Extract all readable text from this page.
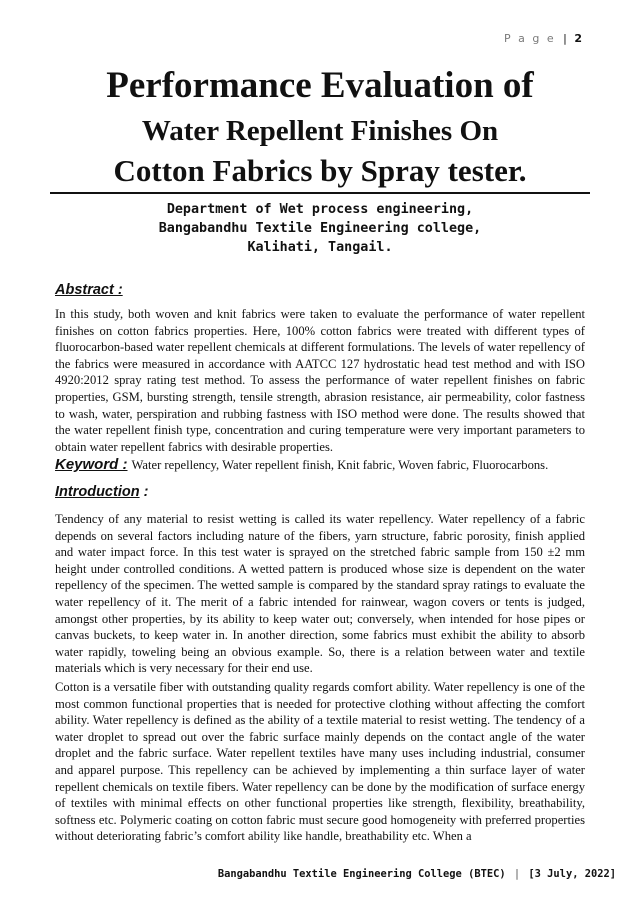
P a g e | 2
Performance Evaluation of
Water Repellent Finishes On
Cotton Fabrics by Spray tester.
Department of Wet process engineering,
Bangabandhu Textile Engineering college,
Kalihati, Tangail.
Abstract :

In this study, both woven and knit fabrics were taken to evaluate the performance of water repellent finishes on cotton fabrics properties. Here, 100% cotton fabrics were treated with different types of fluorocarbon-based water repellent chemicals at different formulations. The levels of water repellency of the fabrics were measured in accordance with AATCC 127 hydrostatic head test method and with ISO 4920:2012 spray rating test method. To assess the performance of water repellent finishes on fabric properties, GSM, bursting strength, tensile strength, abrasion resistance, air permeability, color fastness to wash, water, perspiration and rubbing fastness with ISO method were done. The results showed that the water repellent finish type, concentration and curing temperature were very important parameters to obtain water repellent fabrics with desirable properties.

Keyword : Water repellency, Water repellent finish, Knit fabric, Woven fabric, Fluorocarbons.
Introduction :

Tendency of any material to resist wetting is called its water repellency. Water repellency of a fabric depends on several factors including nature of the fibers, yarn structure, fabric porosity, finish applied and water impact force. In this test water is sprayed on the stretched fabric sample from 150 ±2 mm height under controlled conditions. A wetted pattern is produced whose size is dependent on the water repellency of the specimen. The wetted sample is compared by the standard spray ratings to evaluate the water repellency of it. The merit of a fabric intended for rainwear, wagon covers or tents is judged, amongst other properties, by its ability to keep water out; conversely, when intended for hose pipes or canvas buckets, to keep water in. In another direction, some fabrics must exhibit the ability to absorb water rapidly, toweling being an obvious example. So, there is a relation between water and textile materials which is very necessary for their end use.

Cotton is a versatile fiber with outstanding quality regards comfort ability. Water repellency is one of the most common functional properties that is needed for protective clothing without affecting the comfort ability. Water repellency is defined as the ability of a textile material to resist wetting. The tendency of a water droplet to spread out over the fabric surface mainly depends on the contact angle of the water droplet and the fabric surface. Water repellent textiles have many uses including industrial, consumer and apparel purpose. This repellency can be achieved by implementing a thin surface layer of water repellent chemicals on textile fibers. Water repellency can be done by the modification of surface energy of textiles with minimal effects on other functional properties like strength, flexibility, breathability, softness etc. Polymeric coating on cotton fabric must secure good homogeneity with preferred properties without deteriorating fabric’s comfort ability like handle, breathability etc. When a

Bangabandhu Textile Engineering College (BTEC) | [3 July, 2022]
